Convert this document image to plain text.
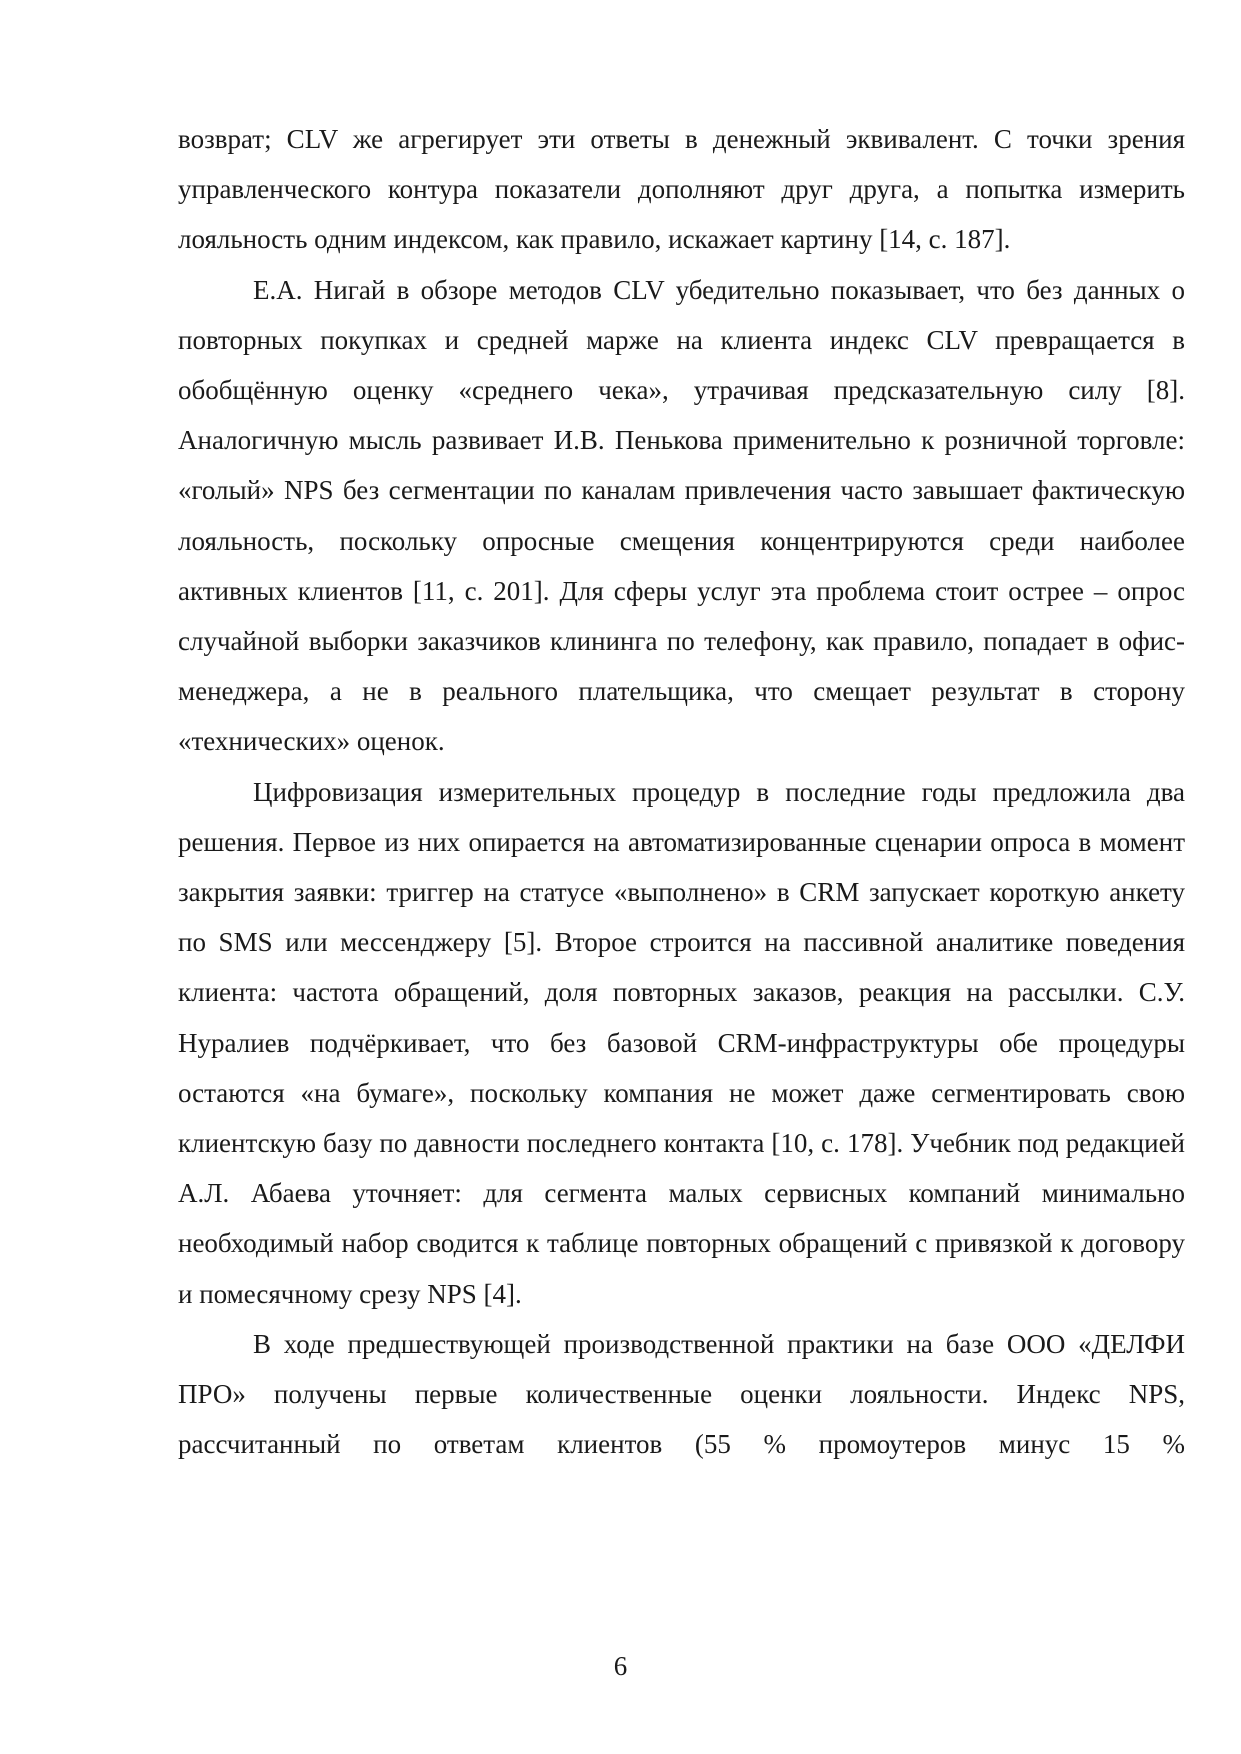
возврат; CLV же агрегирует эти ответы в денежный эквивалент. С точки зрения управленческого контура показатели дополняют друг друга, а попытка измерить лояльность одним индексом, как правило, искажает картину [14, с. 187].

Е.А. Нигай в обзоре методов CLV убедительно показывает, что без данных о повторных покупках и средней марже на клиента индекс CLV превращается в обобщённую оценку «среднего чека», утрачивая предсказательную силу [8]. Аналогичную мысль развивает И.В. Пенькова применительно к розничной торговле: «голый» NPS без сегментации по каналам привлечения часто завышает фактическую лояльность, поскольку опросные смещения концентрируются среди наиболее активных клиентов [11, с. 201]. Для сферы услуг эта проблема стоит острее – опрос случайной выборки заказчиков клининга по телефону, как правило, попадает в офис-менеджера, а не в реального плательщика, что смещает результат в сторону «технических» оценок.

Цифровизация измерительных процедур в последние годы предложила два решения. Первое из них опирается на автоматизированные сценарии опроса в момент закрытия заявки: триггер на статусе «выполнено» в CRM запускает короткую анкету по SMS или мессенджеру [5]. Второе строится на пассивной аналитике поведения клиента: частота обращений, доля повторных заказов, реакция на рассылки. С.У. Нуралиев подчёркивает, что без базовой CRM-инфраструктуры обе процедуры остаются «на бумаге», поскольку компания не может даже сегментировать свою клиентскую базу по давности последнего контакта [10, с. 178]. Учебник под редакцией А.Л. Абаева уточняет: для сегмента малых сервисных компаний минимально необходимый набор сводится к таблице повторных обращений с привязкой к договору и помесячному срезу NPS [4].

В ходе предшествующей производственной практики на базе ООО «ДЕЛФИ ПРО» получены первые количественные оценки лояльности. Индекс NPS, рассчитанный по ответам клиентов (55 % промоутеров минус 15 %

6
